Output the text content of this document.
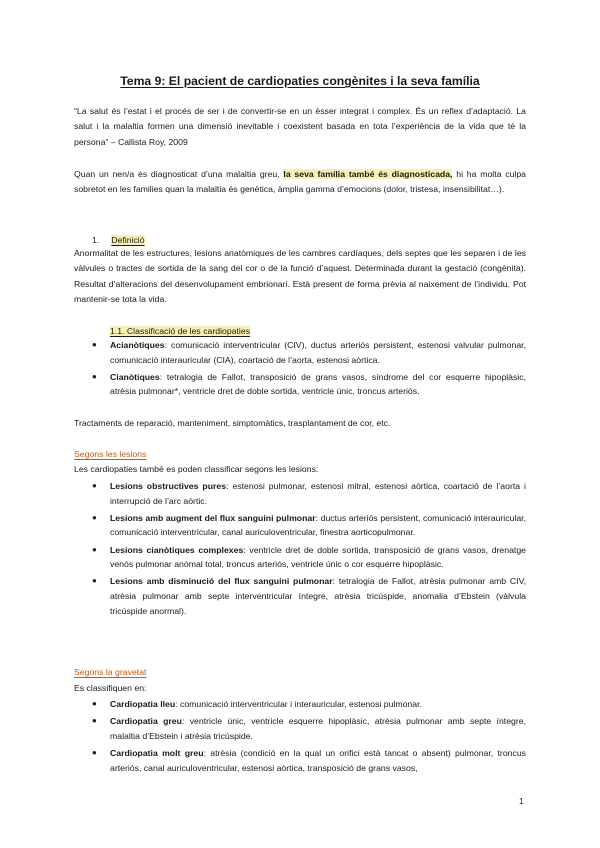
Tema 9: El pacient de cardiopaties congènites i la seva família

“La salut és l’estat i el procés de ser i de convertir-se en un èsser integrat i complex. És un reflex d’adaptació. La salut i la malaltia formen una dimensió inevitable i coexistent basada en tota l’experiència de la vida que té la persona” – Callista Roy, 2009

Quan un nen/a és diagnosticat d’una malaltia greu, la seva família també és diagnosticada, hi ha molta culpa sobretot en les families quan la malaltia és genètica, àmplia gamma d’emocions (dolor, tristesa, insensibilitat…).

1. Definició

Anormalitat de les estructures, lesions anatòmiques de les cambres cardíaques, dels septes que les separen i de les vàlvules o tractes de sortida de la sang del cor o de la funció d’aquest. Determinada durant la gestació (congènita). Resultat d’alteracions del desenvolupament embrionari. Està present de forma prèvia al naixement de l’individu. Pot mantenir-se tota la vida.

1.1. Classificació de les cardiopaties
● Acianòtiques: comunicació interventricular (CIV), ductus arteriós persistent, estenosi valvular pulmonar, comunicació interauricular (CIA), coartació de l’aorta, estenosi aòrtica.
● Cianòtiques: tetralogia de Fallot, transposició de grans vasos, síndrome del cor esquerre hipoplàsic, atrèsia pulmonar*, ventricle dret de doble sortida, ventricle únic, troncus arteriós.

Tractaments de reparació, manteniment, simptomàtics, trasplantament de cor, etc.

Segons les lesions

Les cardiopaties també es poden classificar segons les lesions:

● Lesions obstructives pures: estenosi pulmonar, estenosi mitral, estenosi aòrtica, coartació de l’aorta i interrupció de l’arc aòrtic.
● Lesions amb augment del flux sanguini pulmonar: ductus arteriós persistent, comunicació interauricular, comunicació interventricular, canal auriculoventricular, finestra aorticopulmonar.
● Lesions cianòtiques complexes: ventricle dret de doble sortida, transposició de grans vasos, drenatge venós pulmonar anòmal total, troncus arteriós, ventricle únic o cor esquerre hipoplàsic.
● Lesions amb disminució del flux sanguini pulmonar: tetralogia de Fallot, atrèsia pulmonar amb CIV, atrèsia pulmonar amb septe interventricular íntegre, atrèsia tricúspide, anomalia d’Ebstein (vàlvula tricúspide anormal).
Segons la gravetat

Es classifiquen en:

● Cardiopatia lleu: comunicació interventricular i interauricular, estenosi pulmonar.
● Cardiopatia greu: ventricle únic, ventricle esquerre hipoplàsic, atrèsia pulmonar amb septe íntegre, malaltia d’Ebstein i atrèsia tricúspide.
● Cardiopatia molt greu: atrèsia (condició en la qual un orifici està tancat o absent) pulmonar, troncus arteriós, canal auriculoventricular, estenosi aòrtica, transposició de grans vasos,
1
